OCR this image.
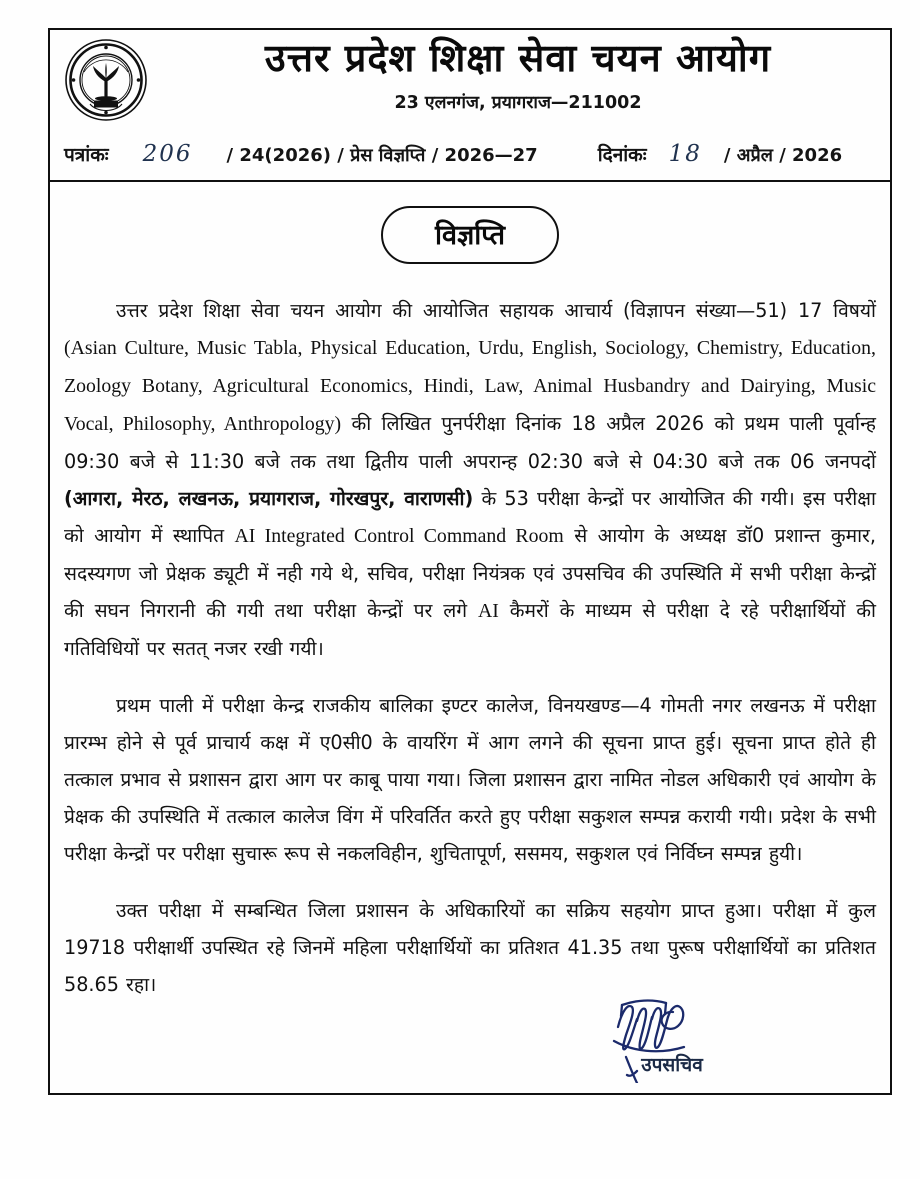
उत्तर प्रदेश शिक्षा सेवा चयन आयोग
23 एलनगंज, प्रयागराज—211002
पत्रांकः 206 / 24(2026) / प्रेस विज्ञप्ति / 2026—27	दिनांकः 18 / अप्रैल / 2026
विज्ञप्ति

उत्तर प्रदेश शिक्षा सेवा चयन आयोग की आयोजित सहायक आचार्य (विज्ञापन संख्या—51) 17 विषयों (Asian Culture, Music Tabla, Physical Education, Urdu, English, Sociology, Chemistry, Education, Zoology Botany, Agricultural Economics, Hindi, Law, Animal Husbandry and Dairying, Music Vocal, Philosophy, Anthropology) की लिखित पुनर्परीक्षा दिनांक 18 अप्रैल 2026 को प्रथम पाली पूर्वान्ह 09:30 बजे से 11:30 बजे तक तथा द्वितीय पाली अपरान्ह 02:30 बजे से 04:30 बजे तक 06 जनपदों (आगरा, मेरठ, लखनऊ, प्रयागराज, गोरखपुर, वाराणसी) के 53 परीक्षा केन्द्रों पर आयोजित की गयी। इस परीक्षा को आयोग में स्थापित AI Integrated Control Command Room से आयोग के अध्यक्ष डॉ0 प्रशान्त कुमार, सदस्यगण जो प्रेक्षक ड्यूटी में नही गये थे, सचिव, परीक्षा नियंत्रक एवं उपसचिव की उपस्थिति में सभी परीक्षा केन्द्रों की सघन निगरानी की गयी तथा परीक्षा केन्द्रों पर लगे AI कैमरों के माध्यम से परीक्षा दे रहे परीक्षार्थियों की गतिविधियों पर सतत् नजर रखी गयी।

प्रथम पाली में परीक्षा केन्द्र राजकीय बालिका इण्टर कालेज, विनयखण्ड—4 गोमती नगर लखनऊ में परीक्षा प्रारम्भ होने से पूर्व प्राचार्य कक्ष में ए0सी0 के वायरिंग में आग लगने की सूचना प्राप्त हुई। सूचना प्राप्त होते ही तत्काल प्रभाव से प्रशासन द्वारा आग पर काबू पाया गया। जिला प्रशासन द्वारा नामित नोडल अधिकारी एवं आयोग के प्रेक्षक की उपस्थिति में तत्काल कालेज विंग में परिवर्तित करते हुए परीक्षा सकुशल सम्पन्न करायी गयी। प्रदेश के सभी परीक्षा केन्द्रों पर परीक्षा सुचारू रूप से नकलविहीन, शुचितापूर्ण, ससमय, सकुशल एवं निर्विघ्न सम्पन्न हुयी।

उक्त परीक्षा में सम्बन्धित जिला प्रशासन के अधिकारियों का सक्रिय सहयोग प्राप्त हुआ। परीक्षा में कुल 19718 परीक्षार्थी उपस्थित रहे जिनमें महिला परीक्षार्थियों का प्रतिशत 41.35 तथा पुरूष परीक्षार्थियों का प्रतिशत 58.65 रहा।

उपसचिव
